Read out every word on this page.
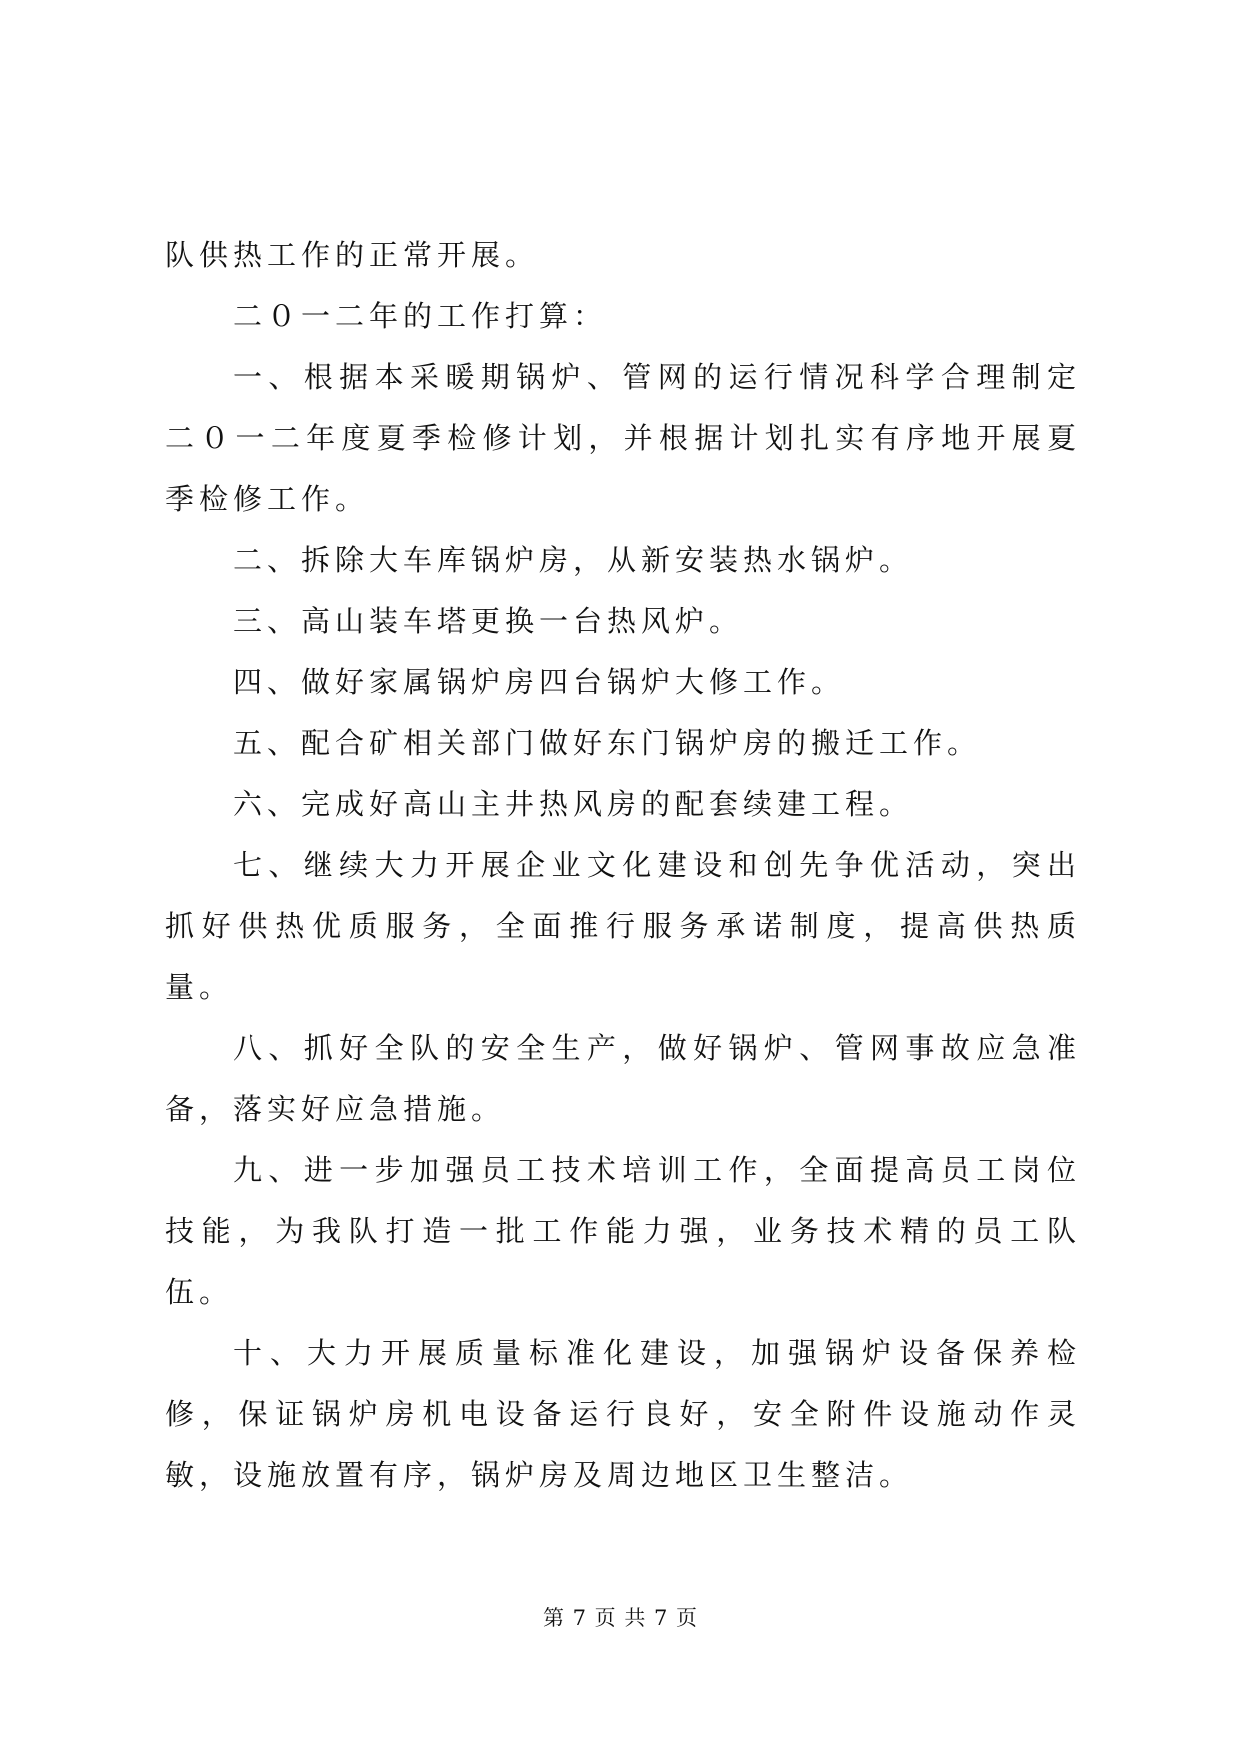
队供热工作的正常开展。

二０一二年的工作打算：

一、根据本采暖期锅炉、管网的运行情况科学合理制定二０一二年度夏季检修计划，并根据计划扎实有序地开展夏季检修工作。

二、拆除大车库锅炉房，从新安装热水锅炉。

三、高山装车塔更换一台热风炉。

四、做好家属锅炉房四台锅炉大修工作。

五、配合矿相关部门做好东门锅炉房的搬迁工作。

六、完成好高山主井热风房的配套续建工程。

七、继续大力开展企业文化建设和创先争优活动，突出抓好供热优质服务，全面推行服务承诺制度，提高供热质量。

八、抓好全队的安全生产，做好锅炉、管网事故应急准备，落实好应急措施。

九、进一步加强员工技术培训工作，全面提高员工岗位技能，为我队打造一批工作能力强，业务技术精的员工队伍。

十、大力开展质量标准化建设，加强锅炉设备保养检修，保证锅炉房机电设备运行良好，安全附件设施动作灵敏，设施放置有序，锅炉房及周边地区卫生整洁。

第 7 页 共 7 页
